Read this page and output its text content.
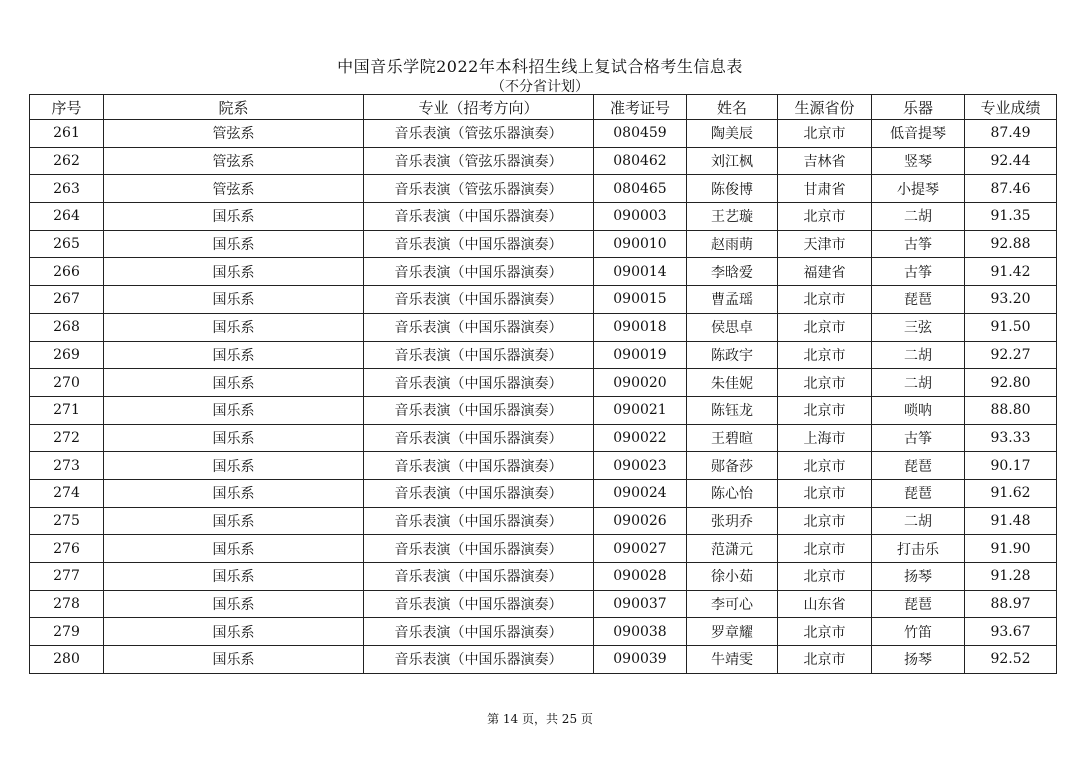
中国音乐学院2022年本科招生线上复试合格考生信息表
（不分省计划）
序号	院系	专业（招考方向）	准考证号	姓名	生源省份	乐器	专业成绩
261	管弦系	音乐表演（管弦乐器演奏）	080459	陶美辰	北京市	低音提琴	87.49
262	管弦系	音乐表演（管弦乐器演奏）	080462	刘江枫	吉林省	竖琴	92.44
263	管弦系	音乐表演（管弦乐器演奏）	080465	陈俊博	甘肃省	小提琴	87.46
264	国乐系	音乐表演（中国乐器演奏）	090003	王艺璇	北京市	二胡	91.35
265	国乐系	音乐表演（中国乐器演奏）	090010	赵雨萌	天津市	古筝	92.88
266	国乐系	音乐表演（中国乐器演奏）	090014	李晗爱	福建省	古筝	91.42
267	国乐系	音乐表演（中国乐器演奏）	090015	曹孟瑶	北京市	琵琶	93.20
268	国乐系	音乐表演（中国乐器演奏）	090018	侯思卓	北京市	三弦	91.50
269	国乐系	音乐表演（中国乐器演奏）	090019	陈政宇	北京市	二胡	92.27
270	国乐系	音乐表演（中国乐器演奏）	090020	朱佳妮	北京市	二胡	92.80
271	国乐系	音乐表演（中国乐器演奏）	090021	陈钰龙	北京市	唢呐	88.80
272	国乐系	音乐表演（中国乐器演奏）	090022	王碧暄	上海市	古筝	93.33
273	国乐系	音乐表演（中国乐器演奏）	090023	郧备莎	北京市	琵琶	90.17
274	国乐系	音乐表演（中国乐器演奏）	090024	陈心怡	北京市	琵琶	91.62
275	国乐系	音乐表演（中国乐器演奏）	090026	张玥乔	北京市	二胡	91.48
276	国乐系	音乐表演（中国乐器演奏）	090027	范潇元	北京市	打击乐	91.90
277	国乐系	音乐表演（中国乐器演奏）	090028	徐小茹	北京市	扬琴	91.28
278	国乐系	音乐表演（中国乐器演奏）	090037	李可心	山东省	琵琶	88.97
279	国乐系	音乐表演（中国乐器演奏）	090038	罗章耀	北京市	竹笛	93.67
280	国乐系	音乐表演（中国乐器演奏）	090039	牛靖雯	北京市	扬琴	92.52
第 14 页，共 25 页
